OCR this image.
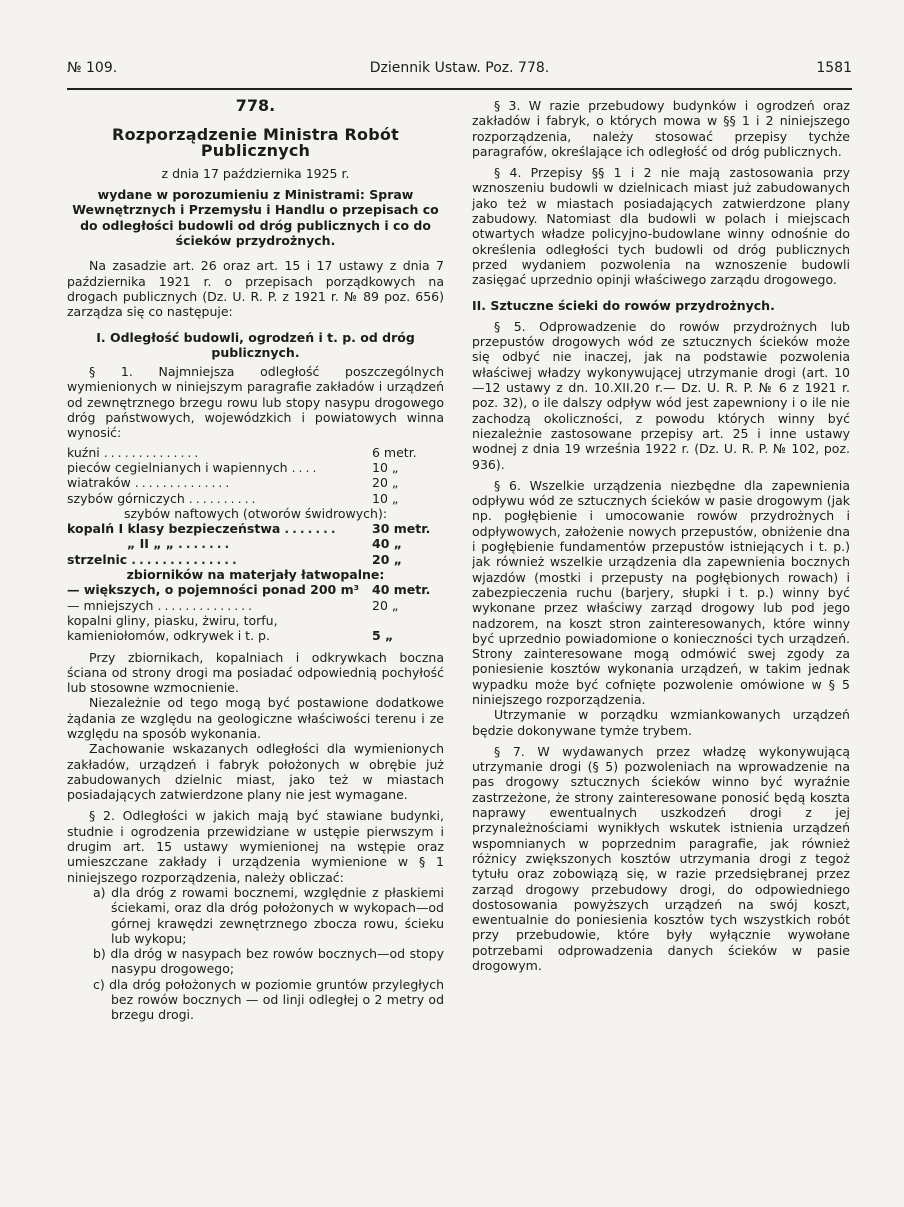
Dziennik Ustaw. Poz. 778.
№ 109.	1581
778.
Rozporządzenie Ministra Robót Publicznych
z dnia 17 października 1925 r.

wydane w porozumieniu z Ministrami: Spraw Wewnętrznych i Przemysłu i Handlu o przepisach co do odległości budowli od dróg publicznych i co do ścieków przydrożnych.

Na zasadzie art. 26 oraz art. 15 i 17 ustawy z dnia 7 października 1921 r. o przepisach porządkowych na drogach publicznych (Dz. U. R. P. z 1921 r. № 89 poz. 656) zarządza się co następuje:

I. Odległość budowli, ogrodzeń i t. p. od dróg publicznych.

§ 1. Najmniejsza odległość poszczególnych wymienionych w niniejszym paragrafie zakładów i urządzeń od zewnętrznego brzegu rowu lub stopy nasypu drogowego dróg państwowych, wojewódzkich i powiatowych winna wynosić:

kuźni ..............	6 metr.
pieców cegielnianych i wapiennych ....	10 „
wiatraków ..............	20 „
szybów górniczych ..........	10 „
szybów naftowych (otworów świdrowych):
kopalń I klasy bezpieczeństwa .......	30 metr.
„ II „ „ .......	40 „
strzelnic ..............	20 „
zbiorników na materjały łatwopalne:
— większych, o pojemności ponad 200 m³ 40 metr.
— mniejszych ..............	20 „
kopalni gliny, piasku, żwiru, torfu, kamieniołomów, odkrywek i t. p.	5 „

Przy zbiornikach, kopalniach i odkrywkach boczna ściana od strony drogi ma posiadać odpowiednią pochyłość lub stosowne wzmocnienie.

Niezależnie od tego mogą być postawione dodatkowe żądania ze względu na geologiczne właściwości terenu i ze względu na sposób wykonania.

Zachowanie wskazanych odległości dla wymienionych zakładów, urządzeń i fabryk położonych w obrębie już zabudowanych dzielnic miast, jako też w miastach posiadających zatwierdzone plany nie jest wymagane.

§ 2. Odległości w jakich mają być stawiane budynki, studnie i ogrodzenia przewidziane w ustępie pierwszym i drugim art. 15 ustawy wymienionej na wstępie oraz umieszczane zakłady i urządzenia wymienione w § 1 niniejszego rozporządzenia, należy obliczać:

a) dla dróg z rowami bocznemi, względnie z płaskiemi ściekami, oraz dla dróg położonych w wykopach—od górnej krawędzi zewnętrznego zbocza rowu, ścieku lub wykopu;

b) dla dróg w nasypach bez rowów bocznych—od stopy nasypu drogowego;

c) dla dróg położonych w poziomie gruntów przyległych bez rowów bocznych — od linji odległej o 2 metry od brzegu drogi.

§ 3. W razie przebudowy budynków i ogrodzeń oraz zakładów i fabryk, o których mowa w §§ 1 i 2 niniejszego rozporządzenia, należy stosować przepisy tychże paragrafów, określające ich odległość od dróg publicznych.

§ 4. Przepisy §§ 1 i 2 nie mają zastosowania przy wznoszeniu budowli w dzielnicach miast już zabudowanych jako też w miastach posiadających zatwierdzone plany zabudowy. Natomiast dla budowli w polach i miejscach otwartych władze policyjno-budowlane winny odnośnie do określenia odległości tych budowli od dróg publicznych przed wydaniem pozwolenia na wznoszenie budowli zasięgać uprzednio opinji właściwego zarządu drogowego.

II. Sztuczne ścieki do rowów przydrożnych.

§ 5. Odprowadzenie do rowów przydrożnych lub przepustów drogowych wód ze sztucznych ścieków może się odbyć nie inaczej, jak na podstawie pozwolenia właściwej władzy wykonywującej utrzymanie drogi (art. 10—12 ustawy z dn. 10.XII.20 r.— Dz. U. R. P. № 6 z 1921 r. poz. 32), o ile dalszy odpływ wód jest zapewniony i o ile nie zachodzą okoliczności, z powodu których winny być niezależnie zastosowane przepisy art. 25 i inne ustawy wodnej z dnia 19 września 1922 r. (Dz. U. R. P. № 102, poz. 936).

§ 6. Wszelkie urządzenia niezbędne dla zapewnienia odpływu wód ze sztucznych ścieków w pasie drogowym (jak np. pogłębienie i umocowanie rowów przydrożnych i odpływowych, założenie nowych przepustów, obniżenie dna i pogłębienie fundamentów przepustów istniejących i t. p.) jak również wszelkie urządzenia dla zapewnienia bocznych wjazdów (mostki i przepusty na pogłębionych rowach) i zabezpieczenia ruchu (barjery, słupki i t. p.) winny być wykonane przez właściwy zarząd drogowy lub pod jego nadzorem, na koszt stron zainteresowanych, które winny być uprzednio powiadomione o konieczności tych urządzeń. Strony zainteresowane mogą odmówić swej zgody za poniesienie kosztów wykonania urządzeń, w takim jednak wypadku może być cofnięte pozwolenie omówione w § 5 niniejszego rozporządzenia.

Utrzymanie w porządku wzmiankowanych urządzeń będzie dokonywane tymże trybem.

§ 7. W wydawanych przez władzę wykonywującą utrzymanie drogi (§ 5) pozwoleniach na wprowadzenie na pas drogowy sztucznych ścieków winno być wyraźnie zastrzeżone, że strony zainteresowane ponosić będą koszta naprawy ewentualnych uszkodzeń drogi z jej przynależnościami wynikłych wskutek istnienia urządzeń wspomnianych w poprzednim paragrafie, jak również różnicy zwiększonych kosztów utrzymania drogi z tegoż tytułu oraz zobowiązą się, w razie przedsiębranej przez zarząd drogowy przebudowy drogi, do odpowiedniego dostosowania powyższych urządzeń na swój koszt, ewentualnie do poniesienia kosztów tych wszystkich robót przy przebudowie, które były wyłącznie wywołane potrzebami odprowadzenia danych ścieków w pasie drogowym.
